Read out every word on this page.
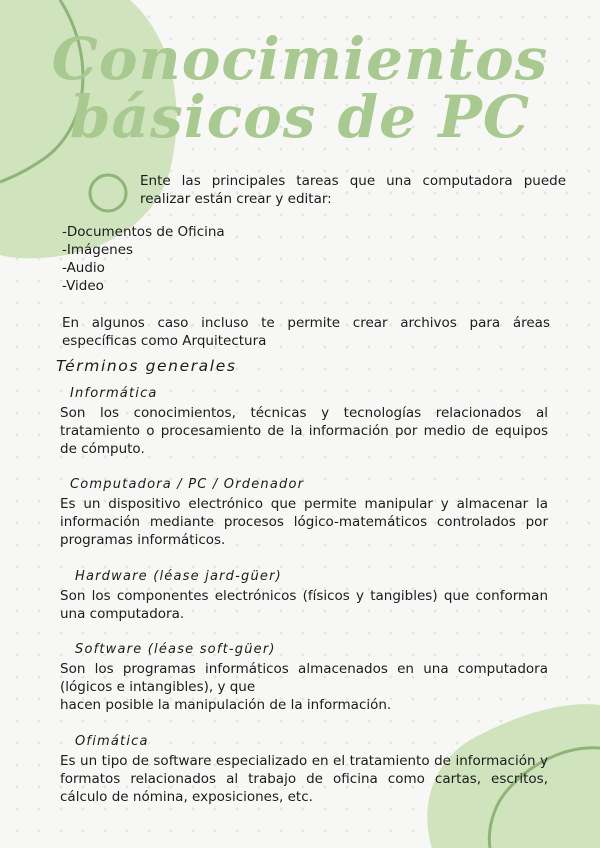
Conocimientos
básicos de PC

Ente las principales tareas que una computadora puede realizar están crear y editar:

-Documentos de Oficina
-Imágenes
-Audio
-Video

En algunos caso incluso te permite crear archivos para áreas específicas como Arquitectura

Términos generales
Informática

Son los conocimientos, técnicas y tecnologías relacionados al tratamiento o procesamiento de la información por medio de equipos de cómputo.

Computadora / PC / Ordenador

Es un dispositivo electrónico que permite manipular y almacenar la información mediante procesos lógico-matemáticos controlados por programas informáticos.

Hardware (léase jard-güer)

Son los componentes electrónicos (físicos y tangibles) que conforman una computadora.

Software (léase soft-güer)

Son los programas informáticos almacenados en una computadora (lógicos e intangibles), y que
hacen posible la manipulación de la información.

Ofimática

Es un tipo de software especializado en el tratamiento de información y formatos relacionados al trabajo de oficina como cartas, escritos, cálculo de nómina, exposiciones, etc.
